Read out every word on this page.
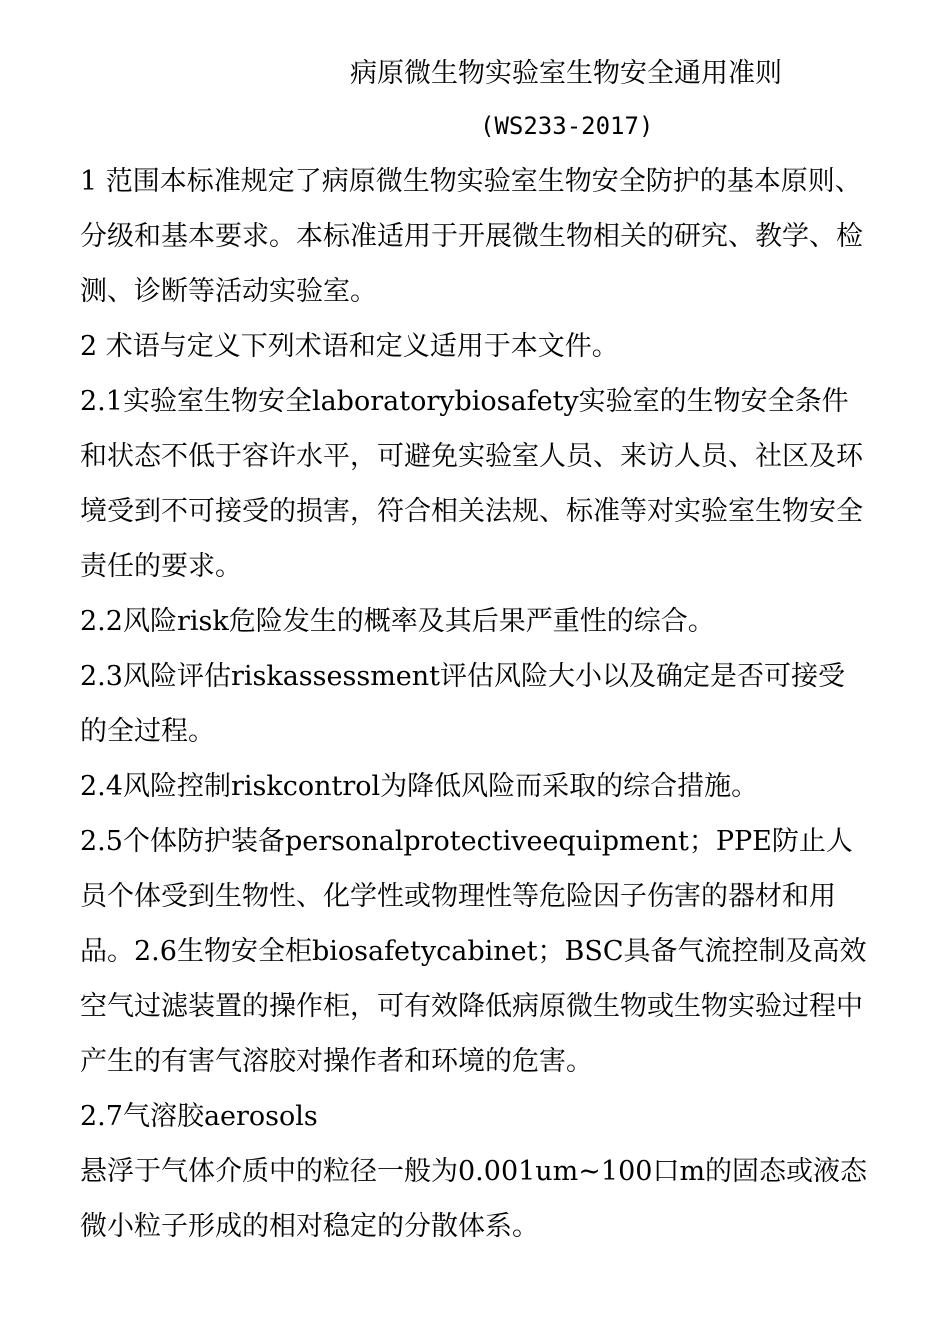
病原微生物实验室生物安全通用准则
(WS233-2017)

1 范围本标准规定了病原微生物实验室生物安全防护的基本原则、分级和基本要求。本标准适用于开展微生物相关的研究、教学、检测、诊断等活动实验室。

2 术语与定义下列术语和定义适用于本文件。

2.1实验室生物安全laboratorybiosafety实验室的生物安全条件和状态不低于容许水平，可避免实验室人员、来访人员、社区及环境受到不可接受的损害，符合相关法规、标准等对实验室生物安全责任的要求。

2.2风险risk危险发生的概率及其后果严重性的综合。

2.3风险评估riskassessment评估风险大小以及确定是否可接受的全过程。

2.4风险控制riskcontrol为降低风险而采取的综合措施。

2.5个体防护装备personalprotectiveequipment；PPE防止人员个体受到生物性、化学性或物理性等危险因子伤害的器材和用品。2.6生物安全柜biosafetycabinet；BSC具备气流控制及高效空气过滤装置的操作柜，可有效降低病原微生物或生物实验过程中产生的有害气溶胶对操作者和环境的危害。

2.7气溶胶aerosols

悬浮于气体介质中的粒径一般为0.001um~100口m的固态或液态微小粒子形成的相对稳定的分散体系。
